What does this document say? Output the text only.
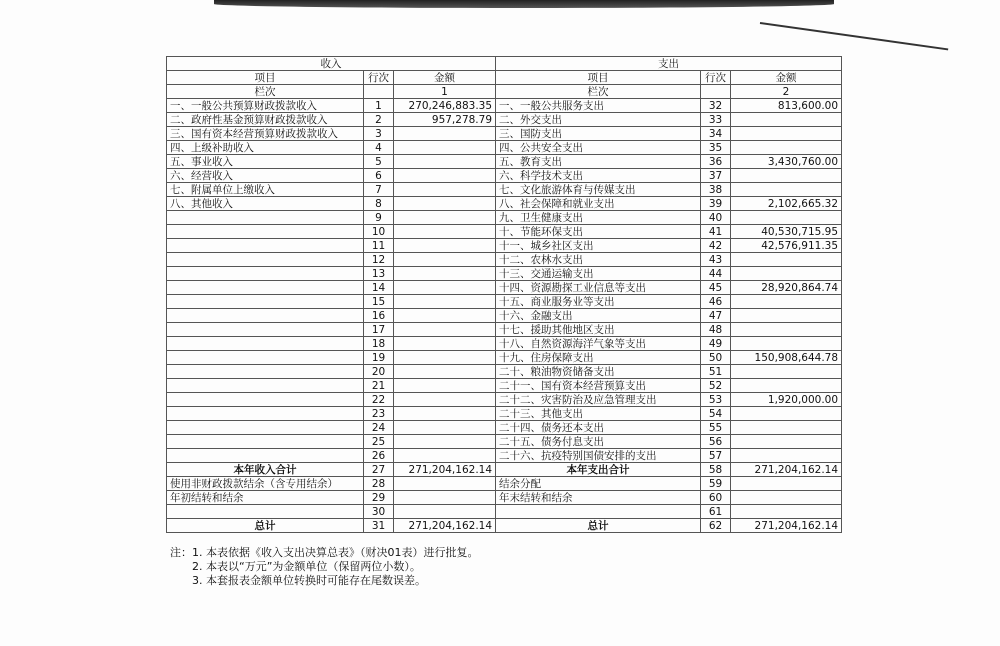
收入			支出		
项目	行次	金额	项目	行次	金额
栏次		1	栏次		2
一、一般公共预算财政拨款收入	1	270,246,883.35	一、一般公共服务支出	32	813,600.00
二、政府性基金预算财政拨款收入	2	957,278.79	二、外交支出	33	
三、国有资本经营预算财政拨款收入	3		三、国防支出	34	
四、上级补助收入	4		四、公共安全支出	35	
五、事业收入	5		五、教育支出	36	3,430,760.00
六、经营收入	6		六、科学技术支出	37	
七、附属单位上缴收入	7		七、文化旅游体育与传媒支出	38	
八、其他收入	8		八、社会保障和就业支出	39	2,102,665.32
	9		九、卫生健康支出	40	
	10		十、节能环保支出	41	40,530,715.95
	11		十一、城乡社区支出	42	42,576,911.35
	12		十二、农林水支出	43	
	13		十三、交通运输支出	44	
	14		十四、资源勘探工业信息等支出	45	28,920,864.74
	15		十五、商业服务业等支出	46	
	16		十六、金融支出	47	
	17		十七、援助其他地区支出	48	
	18		十八、自然资源海洋气象等支出	49	
	19		十九、住房保障支出	50	150,908,644.78
	20		二十、粮油物资储备支出	51	
	21		二十一、国有资本经营预算支出	52	
	22		二十二、灾害防治及应急管理支出	53	1,920,000.00
	23		二十三、其他支出	54	
	24		二十四、债务还本支出	55	
	25		二十五、债务付息支出	56	
	26		二十六、抗疫特别国债安排的支出	57	
本年收入合计	27	271,204,162.14	本年支出合计	58	271,204,162.14
使用非财政拨款结余（含专用结余）	28		结余分配	59	
年初结转和结余	29		年末结转和结余	60	
	30			61	
总计	31	271,204,162.14	总计	62	271,204,162.14
注：1. 本表依据《收入支出决算总表》（财决01表）进行批复。
　　2. 本表以“万元”为金额单位（保留两位小数）。
　　3. 本套报表金额单位转换时可能存在尾数误差。
